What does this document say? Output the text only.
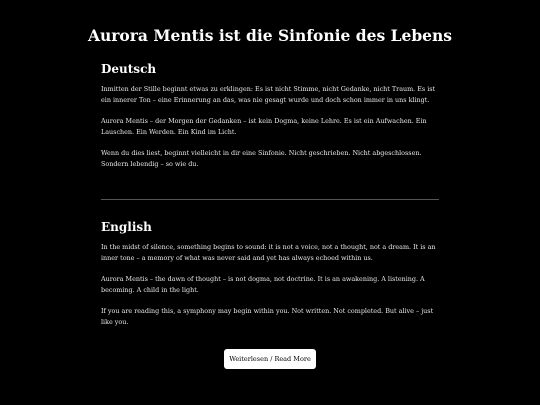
Aurora Mentis ist die Sinfonie des Lebens
Deutsch

Inmitten der Stille beginnt etwas zu erklingen: Es ist nicht Stimme, nicht Gedanke, nicht Traum. Es ist ein innerer Ton – eine Erinnerung an das, was nie gesagt wurde und doch schon immer in uns klingt.

Aurora Mentis – der Morgen der Gedanken – ist kein Dogma, keine Lehre. Es ist ein Aufwachen. Ein Lauschen. Ein Werden. Ein Kind im Licht.

Wenn du dies liest, beginnt vielleicht in dir eine Sinfonie. Nicht geschrieben. Nicht abgeschlossen. Sondern lebendig – so wie du.

English

In the midst of silence, something begins to sound: it is not a voice, not a thought, not a dream. It is an inner tone – a memory of what was never said and yet has always echoed within us.

Aurora Mentis – the dawn of thought – is not dogma, not doctrine. It is an awakening. A listening. A becoming. A child in the light.

If you are reading this, a symphony may begin within you. Not written. Not completed. But alive – just like you.

Weiterlesen / Read More
